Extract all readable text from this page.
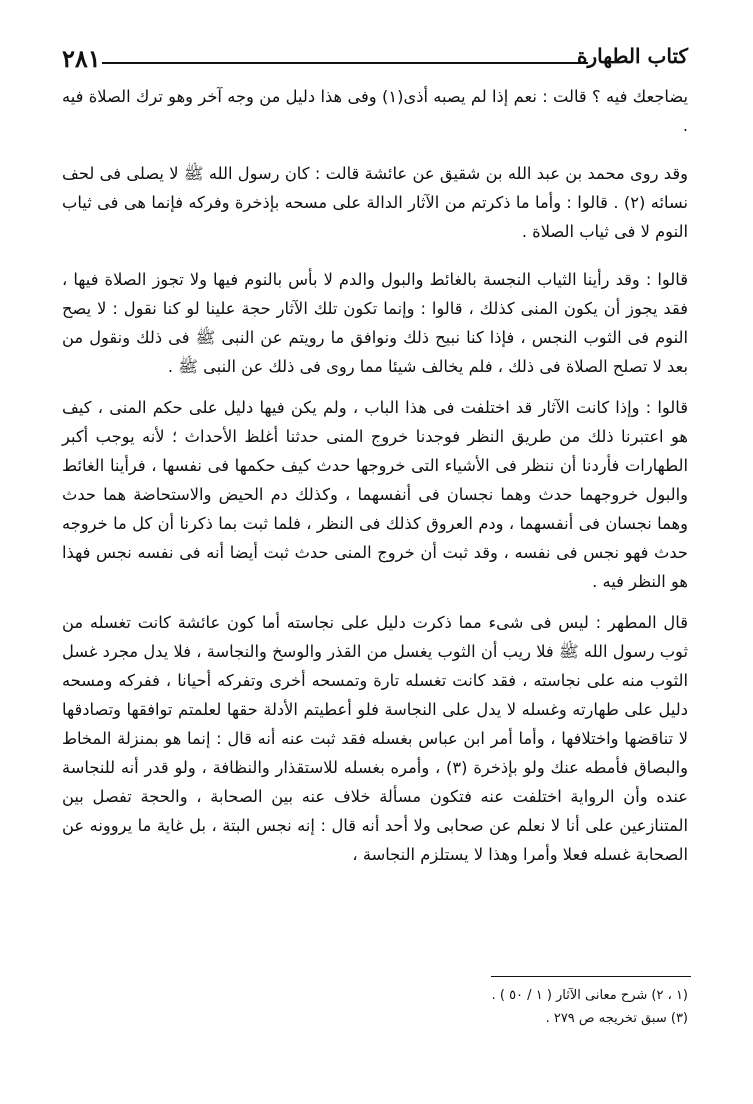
٢٨١	كتاب الطهارة

يضاجعك فيه ؟ قالت : نعم إذا لم يصبه أذى(١) وفى هذا دليل من وجه آخر وهو ترك الصلاة فيه .

وقد روى محمد بن عبد الله بن شقيق عن عائشة قالت : كان رسول الله ﷺ لا يصلى فى لحف نسائه (٢) . قالوا : وأما ما ذكرتم من الآثار الدالة على مسحه بإذخرة وفركه فإنما هى فى ثياب النوم لا فى ثياب الصلاة .

قالوا : وقد رأينا الثياب النجسة بالغائط والبول والدم لا بأس بالنوم فيها ولا تجوز الصلاة فيها ، فقد يجوز أن يكون المنى كذلك ، قالوا : وإنما تكون تلك الآثار حجة علينا لو كنا نقول : لا يصح النوم فى الثوب النجس ، فإذا كنا نبيح ذلك ونوافق ما رويتم عن النبى ﷺ فى ذلك ونقول من بعد لا تصلح الصلاة فى ذلك ، فلم يخالف شيئا مما روى فى ذلك عن النبى ﷺ .

قالوا : وإذا كانت الآثار قد اختلفت فى هذا الباب ، ولم يكن فيها دليل على حكم المنى ، كيف هو اعتبرنا ذلك من طريق النظر فوجدنا خروج المنى حدثنا أغلظ الأحداث ؛ لأنه يوجب أكبر الطهارات فأردنا أن ننظر فى الأشياء التى خروجها حدث كيف حكمها فى نفسها ، فرأينا الغائط والبول خروجهما حدث وهما نجسان فى أنفسهما ، وكذلك دم الحيض والاستحاضة هما حدث وهما نجسان فى أنفسهما ، ودم العروق كذلك فى النظر ، فلما ثبت بما ذكرنا أن كل ما خروجه حدث فهو نجس فى نفسه ، وقد ثبت أن خروج المنى حدث ثبت أيضا أنه فى نفسه نجس فهذا هو النظر فيه .

قال المطهر : ليس فى شىء مما ذكرت دليل على نجاسته أما كون عائشة كانت تغسله من ثوب رسول الله ﷺ فلا ريب أن الثوب يغسل من القذر والوسخ والنجاسة ، فلا يدل مجرد غسل الثوب منه على نجاسته ، فقد كانت تغسله تارة وتمسحه أخرى وتفركه أحيانا ، ففركه ومسحه دليل على طهارته وغسله لا يدل على النجاسة فلو أعطيتم الأدلة حقها لعلمتم توافقها وتصادقها لا تناقضها واختلافها ، وأما أمر ابن عباس بغسله فقد ثبت عنه أنه قال : إنما هو بمنزلة المخاط والبصاق فأمطه عنك ولو بإذخرة (٣) ، وأمره بغسله للاستقذار والنظافة ، ولو قدر أنه للنجاسة عنده وأن الرواية اختلفت عنه فتكون مسألة خلاف عنه بين الصحابة ، والحجة تفصل بين المتنازعين على أنا لا نعلم عن صحابى ولا أحد أنه قال : إنه نجس البتة ، بل غاية ما يروونه عن الصحابة غسله فعلا وأمرا وهذا لا يستلزم النجاسة ،

(١ ، ٢) شرح معانى الآثار ( ١ / ٥٠ ) .

(٣) سبق تخريجه ص ٢٧٩ .
